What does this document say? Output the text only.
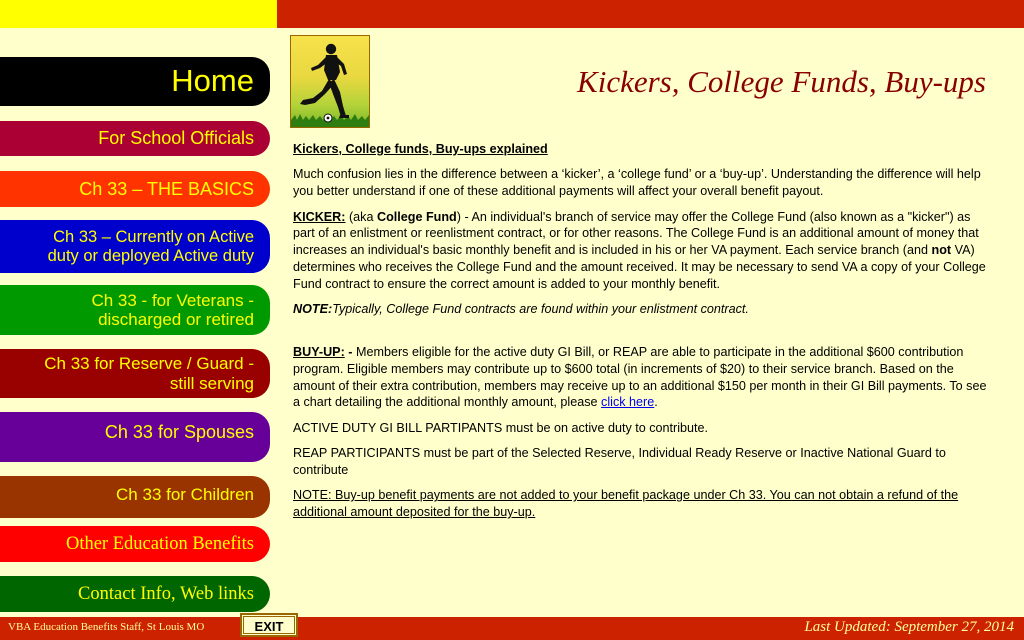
Home
For School Officials
Ch 33 – THE BASICS
Ch 33 – Currently on Active
duty or deployed Active duty
Ch 33 - for Veterans -
discharged or retired
Ch 33 for Reserve / Guard -
still serving
Ch 33 for Spouses
Ch 33 for Children
Other Education Benefits
Contact Info, Web links
Kickers, College Funds, Buy-ups

Kickers, College funds, Buy-ups explained

Much confusion lies in the difference between a ‘kicker’, a ‘college fund’ or a ‘buy-up’. Understanding the difference will help you better understand if one of these additional payments will affect your overall benefit payout.

KICKER: (aka College Fund) - An individual's branch of service may offer the College Fund (also known as a "kicker") as part of an enlistment or reenlistment contract, or for other reasons. The College Fund is an additional amount of money that increases an individual's basic monthly benefit and is included in his or her VA payment. Each service branch (and not VA) determines who receives the College Fund and the amount received. It may be necessary to send VA a copy of your College Fund contract to ensure the correct amount is added to your monthly benefit.

NOTE:Typically, College Fund contracts are found within your enlistment contract.

BUY-UP: - Members eligible for the active duty GI Bill, or REAP are able to participate in the additional $600 contribution program. Eligible members may contribute up to $600 total (in increments of $20) to their service branch. Based on the amount of their extra contribution, members may receive up to an additional $150 per month in their GI Bill payments. To see a chart detailing the additional monthly amount, please click here.

ACTIVE DUTY GI BILL PARTIPANTS must be on active duty to contribute.

REAP PARTICIPANTS must be part of the Selected Reserve, Individual Ready Reserve or Inactive National Guard to contribute

NOTE: Buy-up benefit payments are not added to your benefit package under Ch 33. You can not obtain a refund of the additional amount deposited for the buy-up.

VBA Education Benefits Staff, St Louis MO	EXIT	Last Updated: September 27, 2014
